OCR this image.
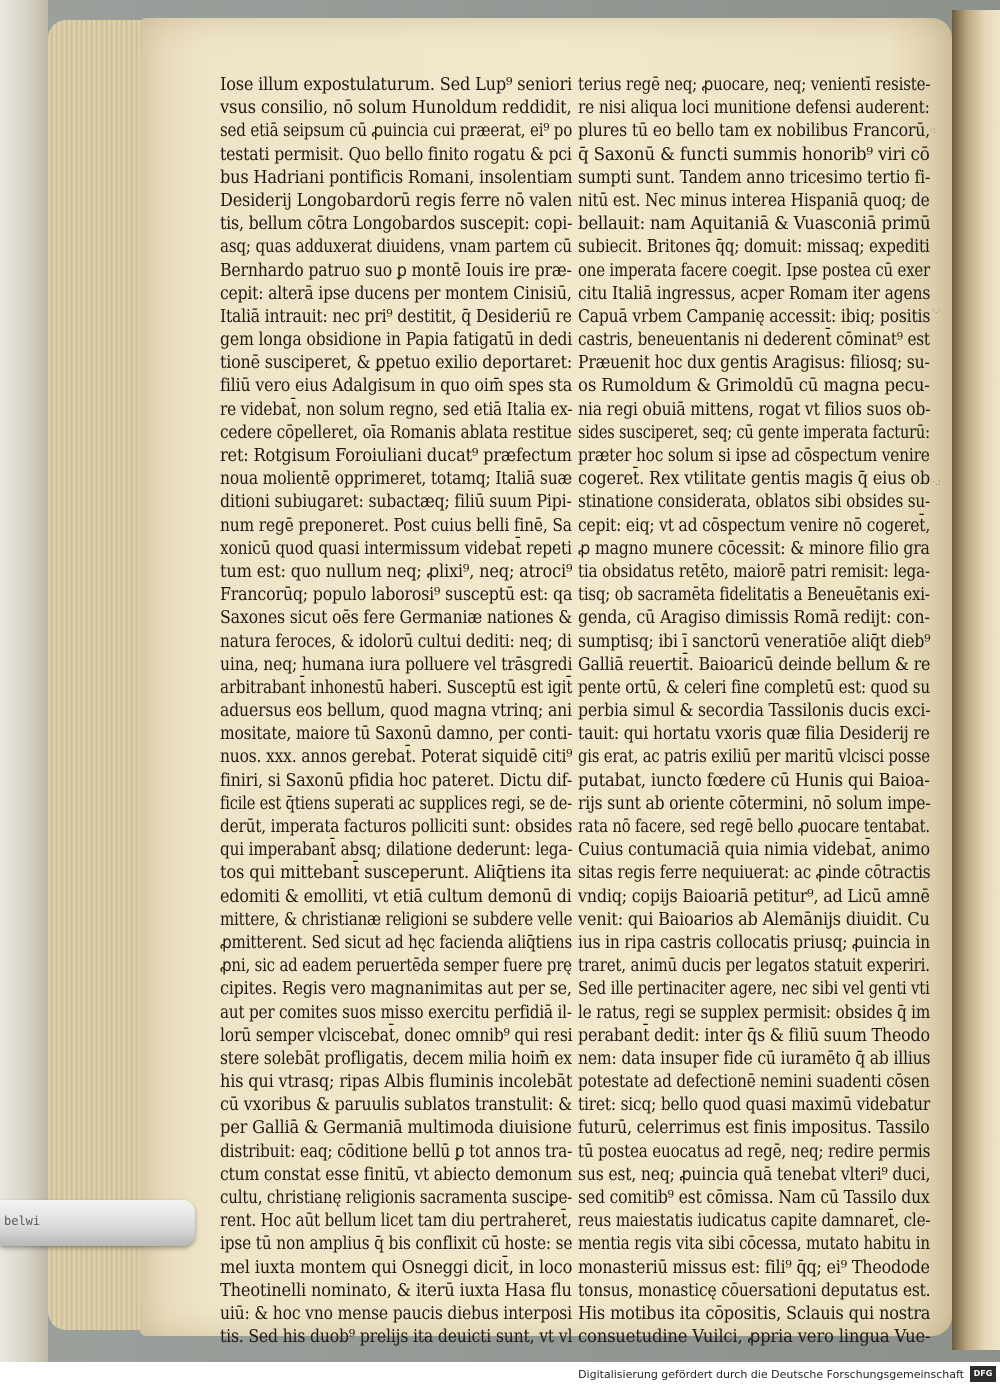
Iose illum expostulaturum. Sed Lup⁹ seniori
vsus consilio, nō solum Hunoldum reddidit,
sed etiā seipsum cū ꝓuincia cui præerat, ei⁹ po
testati permisit. Quo bello finito rogatu & pci
bus Hadriani pontificis Romani, insolentiam
Desiderij Longobardorū regis ferre nō valen
tis, bellum cōtra Longobardos suscepit: copi-
asq; quas adduxerat diuidens, vnam partem cū
Bernhardo patruo suo ꝑ montē Iouis ire præ-
cepit: alterā ipse ducens per montem Cinisiū,
Italiā intrauit: nec pri⁹ destitit, q̄ Desideriū re
gem longa obsidione in Papia fatigatū in dedi
tionē susciperet, & ꝑpetuo exilio deportaret:
filiū vero eius Adalgisum in quo oim̄ spes sta
re videbat̄, non solum regno, sed etiā Italia ex-
cedere cōpelleret, oīa Romanis ablata restitue
ret: Rotgisum Foroiuliani ducat⁹ præfectum
noua molientē opprimeret, totamq; Italiā suæ
ditioni subiugaret: subactæq; filiū suum Pipi-
num regē preponeret. Post cuius belli finē, Sa
xonicū quod quasi intermissum videbat̄ repeti
tum est: quo nullum neq; ꝓlixi⁹, neq; atroci⁹
Francorūq; populo laborosi⁹ susceptū est: qa
Saxones sicut oēs fere Germaniæ nationes &
natura feroces, & idolorū cultui dediti: neq; di
uina, neq; humana iura polluere vel trāsgredi
arbitrabant̄ inhonestū haberi. Susceptū est igit̄
aduersus eos bellum, quod magna vtrinq; ani
mositate, maiore tū Saxonū damno, per conti-
nuos. xxx. annos gerebat̄. Poterat siquidē citi⁹
finiri, si Saxonū pfidia hoc pateret. Dictu dif-
ficile est q̄tiens superati ac supplices regi, se de-
derūt, imperata facturos polliciti sunt: obsides
qui imperabant̄ absq; dilatione dederunt: lega-
tos qui mittebant̄ susceperunt. Aliq̄tiens ita
edomiti & emolliti, vt etiā cultum demonū di
mittere, & christianæ religioni se subdere velle
ꝓmitterent. Sed sicut ad hęc facienda aliq̄tiens
ꝓni, sic ad eadem peruertēda semper fuere prę
cipites. Regis vero magnanimitas aut per se,
aut per comites suos misso exercitu perfidiā il-
lorū semper vlciscebat̄, donec omnib⁹ qui resi
stere solebāt profligatis, decem milia hoim̄ ex
his qui vtrasq; ripas Albis fluminis incolebāt
cū vxoribus & paruulis sublatos transtulit: &
per Galliā & Germaniā multimoda diuisione
distribuit: eaq; cōditione bellū ꝑ tot annos tra-
ctum constat esse finitū, vt abiecto demonum
cultu, christianę religionis sacramenta susciꝑe-
rent. Hoc aūt bellum licet tam diu pertraheret̄,
ipse tū non amplius q̄ bis conflixit cū hoste: se
mel iuxta montem qui Osneggi dicit̄, in loco
Theotinelli nominato, & iterū iuxta Hasa flu
uiū: & hoc vno mense paucis diebus interposi
tis. Sed his duob⁹ prelijs ita deuicti sunt, vt vl
terius regē neq; ꝓuocare, neq; venientī resiste-
re nisi aliqua loci munitione defensi auderent:
plures tū eo bello tam ex nobilibus Francorū,
q̄ Saxonū & functi summis honorib⁹ viri cō
sumpti sunt. Tandem anno tricesimo tertio fi-
nitū est. Nec minus interea Hispaniā quoq; de
bellauit: nam Aquitaniā & Vuasconiā primū
subiecit. Britones q̄q; domuit: missaq; expediti
one imperata facere coegit. Ipse postea cū exer
citu Italiā ingressus, acper Romam iter agens
Capuā vrbem Campanię accessit: ibiq; positis
castris, beneuentanis ni dederent̄ cōminat⁹ est
Præuenit hoc dux gentis Aragisus: filiosq; su-
os Rumoldum & Grimoldū cū magna pecu-
nia regi obuiā mittens, rogat vt filios suos ob-
sides susciperet, seq; cū gente imperata facturū:
præter hoc solum si ipse ad cōspectum venire
cogeret̄. Rex vtilitate gentis magis q̄ eius ob
stinatione considerata, oblatos sibi obsides su-
cepit: eiq; vt ad cōspectum venire nō cogeret̄,
ꝓ magno munere cōcessit: & minore filio gra
tia obsidatus retēto, maiorē patri remisit: lega-
tisq; ob sacramēta fidelitatis a Beneuētanis exi-
genda, cū Aragiso dimissis Romā redijt: con-
sumptisq; ibi ī sanctorū veneratiōe aliq̄t dieb⁹
Galliā reuertit̄. Baioaricū deinde bellum & re
pente ortū, & celeri fine completū est: quod su
perbia simul & secordia Tassilonis ducis exci-
tauit: qui hortatu vxoris quæ filia Desiderij re
gis erat, ac patris exiliū per maritū vlcisci posse
putabat, iuncto fœdere cū Hunis qui Baioa-
rijs sunt ab oriente cōtermini, nō solum impe-
rata nō facere, sed regē bello ꝓuocare tentabat.
Cuius contumaciā quia nimia videbat̄, animo
sitas regis ferre nequiuerat: ac ꝓinde cōtractis
vndiq; copijs Baioariā petitur⁹, ad Licū amnē
venit: qui Baioarios ab Alemānijs diuidit. Cu
ius in ripa castris collocatis priusq; ꝓuincia in
traret, animū ducis per legatos statuit experiri.
Sed ille pertinaciter agere, nec sibi vel genti vti
le ratus, regi se supplex permisit: obsides q̄ im
perabant̄ dedit: inter q̄s & filiū suum Theodo
nem: data insuper fide cū iuramēto q̄ ab illius
potestate ad defectionē nemini suadenti cōsen
tiret: sicq; bello quod quasi maximū videbatur
futurū, celerrimus est finis impositus. Tassilo
tū postea euocatus ad regē, neq; redire permis
sus est, neq; ꝓuincia quā tenebat vlteri⁹ duci,
sed comitib⁹ est cōmissa. Nam cū Tassilo dux
reus maiestatis iudicatus capite damnaret̄, cle-
mentia regis vita sibi cōcessa, mutato habitu in
monasteriū missus est: fili⁹ q̄q; ei⁹ Theodode
tonsus, monasticę cōuersationi deputatus est.
His motibus ita cōpositis, Sclauis qui nostra
consuetudine Vuilci, ꝓpria vero lingua Vue-
·:
·.·
·.:
belwi
Digitalisierung gefördert durch die Deutsche Forschungsgemeinschaft	DFG
